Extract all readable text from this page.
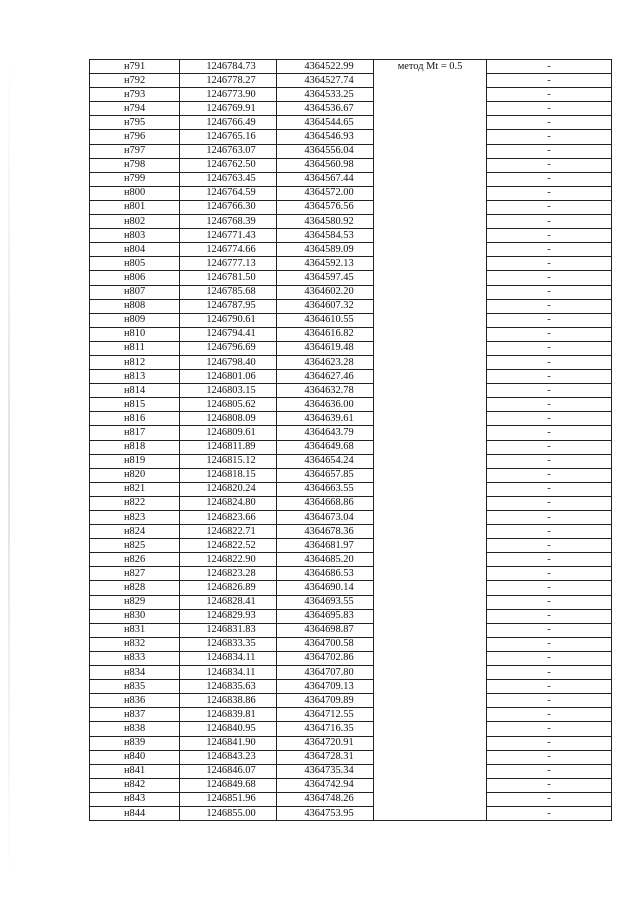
н791	1246784.73	4364522.99	метод Mt = 0.5	-
н792	1246778.27	4364527.74		-
н793	1246773.90	4364533.25		-
н794	1246769.91	4364536.67		-
н795	1246766.49	4364544.65		-
н796	1246765.16	4364546.93		-
н797	1246763.07	4364556.04		-
н798	1246762.50	4364560.98		-
н799	1246763.45	4364567.44		-
н800	1246764.59	4364572.00		-
н801	1246766.30	4364576.56		-
н802	1246768.39	4364580.92		-
н803	1246771.43	4364584.53		-
н804	1246774.66	4364589.09		-
н805	1246777.13	4364592.13		-
н806	1246781.50	4364597.45		-
н807	1246785.68	4364602.20		-
н808	1246787.95	4364607.32		-
н809	1246790.61	4364610.55		-
н810	1246794.41	4364616.82		-
н811	1246796.69	4364619.48		-
н812	1246798.40	4364623.28		-
н813	1246801.06	4364627.46		-
н814	1246803.15	4364632.78		-
н815	1246805.62	4364636.00		-
н816	1246808.09	4364639.61		-
н817	1246809.61	4364643.79		-
н818	1246811.89	4364649.68		-
н819	1246815.12	4364654.24		-
н820	1246818.15	4364657.85		-
н821	1246820.24	4364663.55		-
н822	1246824.80	4364668.86		-
н823	1246823.66	4364673.04		-
н824	1246822.71	4364678.36		-
н825	1246822.52	4364681.97		-
н826	1246822.90	4364685.20		-
н827	1246823.28	4364686.53		-
н828	1246826.89	4364690.14		-
н829	1246828.41	4364693.55		-
н830	1246829.93	4364695.83		-
н831	1246831.83	4364698.87		-
н832	1246833.35	4364700.58		-
н833	1246834.11	4364702.86		-
н834	1246834.11	4364707.80		-
н835	1246835.63	4364709.13		-
н836	1246838.86	4364709.89		-
н837	1246839.81	4364712.55		-
н838	1246840.95	4364716.35		-
н839	1246841.90	4364720.91		-
н840	1246843.23	4364728.31		-
н841	1246846.07	4364735.34		-
н842	1246849.68	4364742.94		-
н843	1246851.96	4364748.26		-
н844	1246855.00	4364753.95		-
